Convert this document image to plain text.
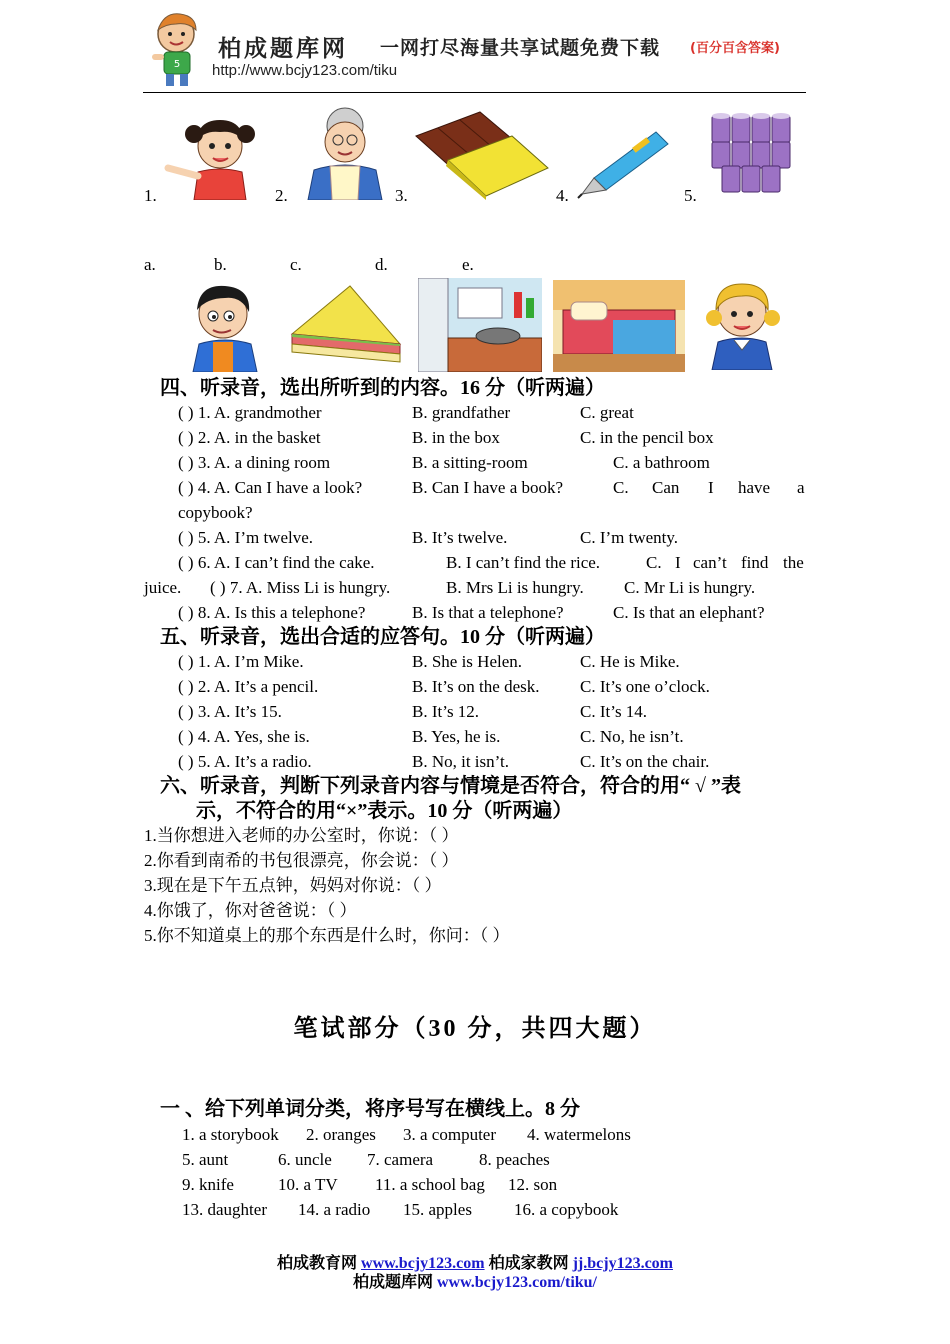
5
柏成题库网 一网打尽海量共享试题免费下载 (百分百含答案)
http://www.bcjy123.com/tiku
1.	2.	3.	4.	5.
a.	b.	c.	d.	e.
四、听录音，选出所听到的内容。16 分（听两遍）
( ) 1. A. grandmother	B. grandfather	C. great
( ) 2. A. in the basket	B. in the box	C. in the pencil box
( ) 3. A. a dining room	B. a sitting-room	C. a bathroom
( ) 4. A. Can I have a look?	B. Can I have a book?	C. Can I have a
copybook?
( ) 5. A. I’m twelve.	B. It’s twelve.	C. I’m twenty.
( ) 6. A. I can’t find the cake.	B. I can’t find the rice.	C. I can’t find the
juice. ( ) 7. A. Miss Li is hungry.	B. Mrs Li is hungry. C. Mr Li is hungry.
( ) 8. A. Is this a telephone?	B. Is that a telephone?	C. Is that an elephant?
五、听录音，选出合适的应答句。10 分（听两遍）
( ) 1. A. I’m Mike.	B. She is Helen.	C. He is Mike.
( ) 2. A. It’s a pencil.	B. It’s on the desk. C. It’s one o’clock.
( ) 3. A. It’s 15.	B. It’s 12.	C. It’s 14.
( ) 4. A. Yes, she is.	B. Yes, he is.	C. No, he isn’t.
( ) 5. A. It’s a radio.	B. No, it isn’t.	C. It’s on the chair.
六、听录音，判断下列录音内容与情境是否符合，符合的用“ √ ”表
示，不符合的用“×”表示。10 分（听两遍）
1.当你想进入老师的办公室时，你说：（ ）
2.你看到南希的书包很漂亮，你会说：（ ）
3.现在是下午五点钟，妈妈对你说：（ ）
4.你饿了，你对爸爸说：（ ）
5.你不知道桌上的那个东西是什么时，你问：（ ）
笔试部分（30 分，共四大题）
一 、给下列单词分类，将序号写在横线上。8 分
1. a storybook 2. oranges 3. a computer 4. watermelons
5. aunt	6. uncle 7. camera	8. peaches
9. knife	10. a TV 11. a school bag 12. son
13. daughter 14. a radio 15. apples 16. a copybook
柏成教育网 www.bcjy123.com 柏成家教网 jj.bcjy123.com
柏成题库网 www.bcjy123.com/tiku/
